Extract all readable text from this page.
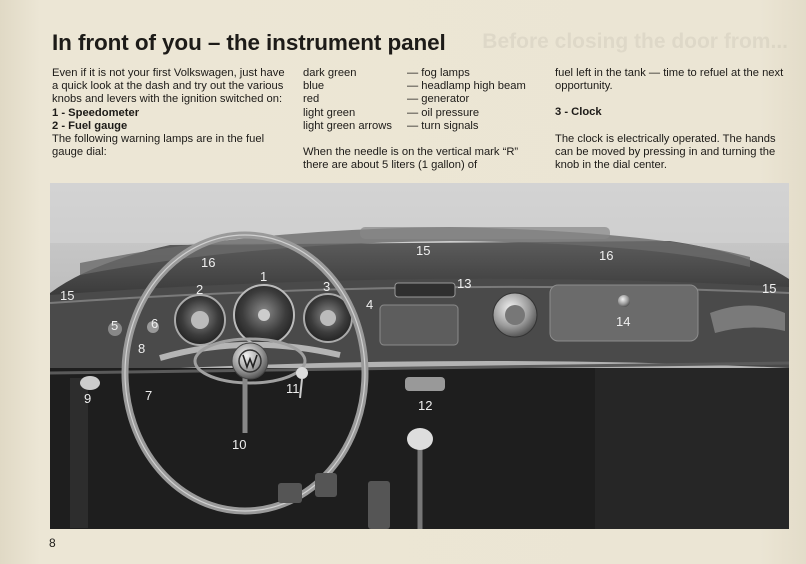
Before closing the door from...
In front of you – the instrument panel

Even if it is not your first Volkswagen, just have a quick look at the dash and try out the various knobs and levers with the ignition switched on:

1 - Speedometer

2 - Fuel gauge

The following warning lamps are in the fuel gauge dial:

dark green	— fog lamps
blue	— headlamp high beam
red	— generator
light green	— oil pressure
light green arrows	— turn signals

When the needle is on the vertical mark “R” there are about 5 liters (1 gallon) of

fuel left in the tank — time to refuel at the next opportunity.

3 - Clock

The clock is electrically operated. The hands can be moved by pressing in and turning the knob in the dial center.

1
2	3
4
5	6
7
8
9
10
11
12
13
14
15
15	15
16	16
8
